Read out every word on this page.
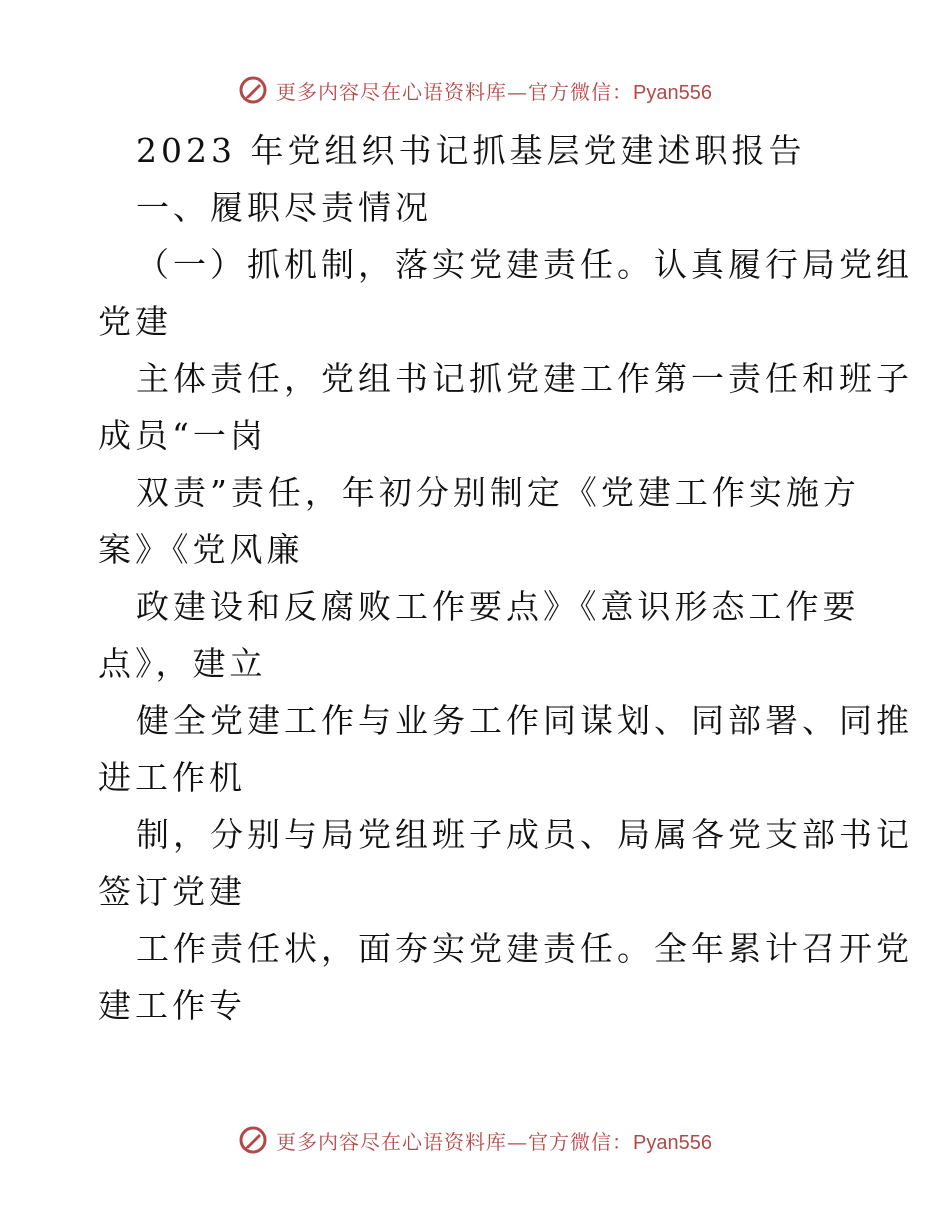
更多内容尽在心语资料库—官方微信：Pyan556
2023 年党组织书记抓基层党建述职报告
一、履职尽责情况
（一）抓机制，落实党建责任。认真履行局党组
党建
主体责任，党组书记抓党建工作第一责任和班子
成员“一岗
双责”责任，年初分别制定《党建工作实施方
案》《党风廉
政建设和反腐败工作要点》《意识形态工作要
点》，建立
健全党建工作与业务工作同谋划、同部署、同推
进工作机
制，分别与局党组班子成员、局属各党支部书记
签订党建
工作责任状，面夯实党建责任。全年累计召开党
建工作专
更多内容尽在心语资料库—官方微信：Pyan556
